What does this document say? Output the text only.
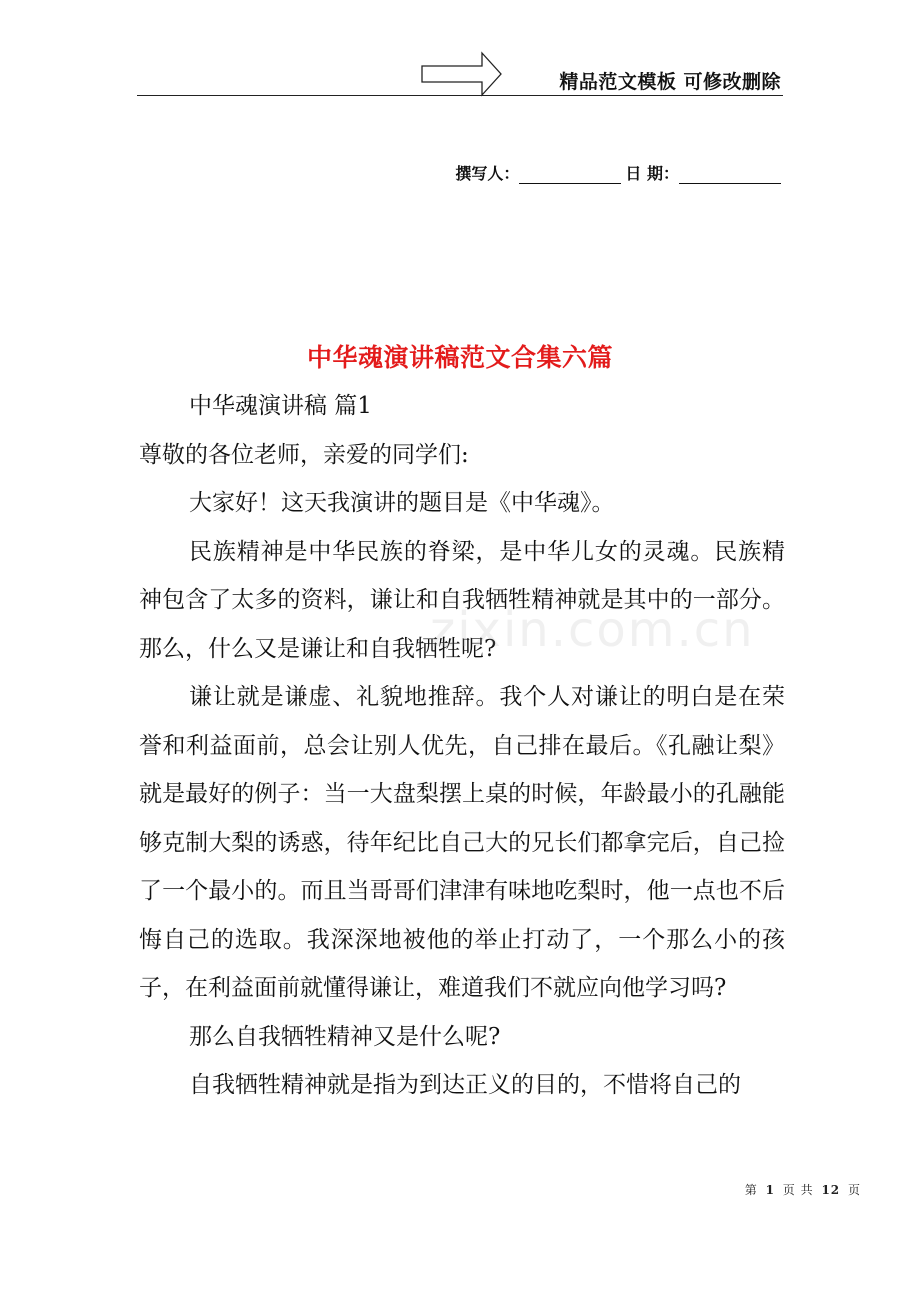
精品范文模板 可修改删除
撰写人：	日 期：
中华魂演讲稿范文合集六篇

中华魂演讲稿 篇1

尊敬的各位老师，亲爱的同学们:

大家好！这天我演讲的题目是《中华魂》。

民族精神是中华民族的脊梁，是中华儿女的灵魂。民族精神包含了太多的资料，谦让和自我牺牲精神就是其中的一部分。那么，什么又是谦让和自我牺牲呢?

谦让就是谦虚、礼貌地推辞。我个人对谦让的明白是在荣誉和利益面前，总会让别人优先，自己排在最后。《孔融让梨》就是最好的例子：当一大盘梨摆上桌的时候，年龄最小的孔融能够克制大梨的诱惑，待年纪比自己大的兄长们都拿完后，自己捡了一个最小的。而且当哥哥们津津有味地吃梨时，他一点也不后悔自己的选取。我深深地被他的举止打动了，一个那么小的孩子，在利益面前就懂得谦让，难道我们不就应向他学习吗?

那么自我牺牲精神又是什么呢?

自我牺牲精神就是指为到达正义的目的，不惜将自己的

zixin.com.cn
第 1 页 共 12 页
